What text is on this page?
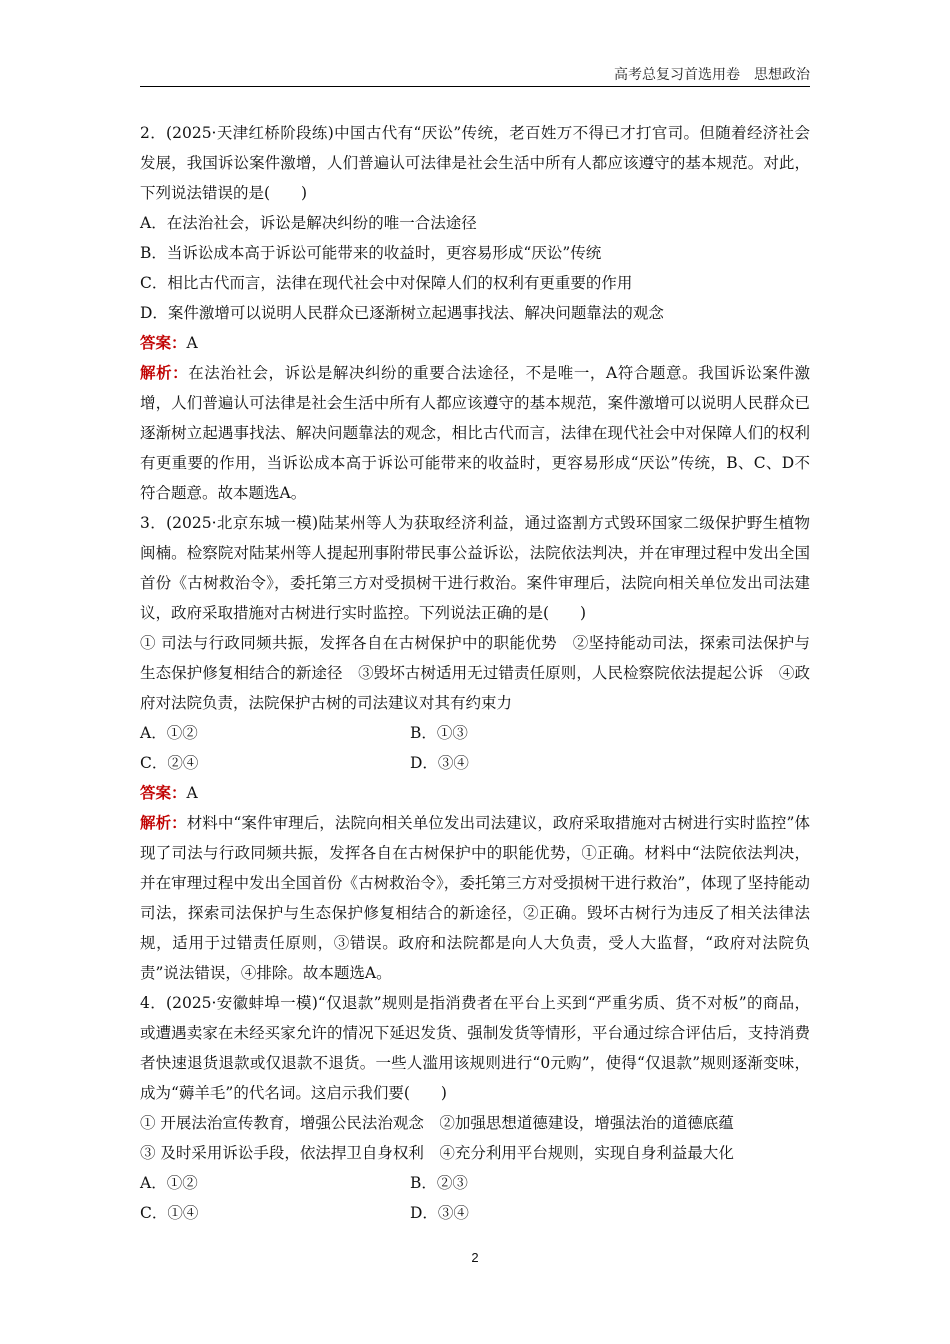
高考总复习首选用卷　思想政治

2．(2025·天津红桥阶段练)中国古代有“厌讼”传统，老百姓万不得已才打官司。但随着经济社会发展，我国诉讼案件激增，人们普遍认可法律是社会生活中所有人都应该遵守的基本规范。对此，下列说法错误的是(　　)

A．在法治社会，诉讼是解决纠纷的唯一合法途径

B．当诉讼成本高于诉讼可能带来的收益时，更容易形成“厌讼”传统

C．相比古代而言，法律在现代社会中对保障人们的权利有更重要的作用

D．案件激增可以说明人民群众已逐渐树立起遇事找法、解决问题靠法的观念

答案：A

解析：在法治社会，诉讼是解决纠纷的重要合法途径，不是唯一，A符合题意。我国诉讼案件激增，人们普遍认可法律是社会生活中所有人都应该遵守的基本规范，案件激增可以说明人民群众已逐渐树立起遇事找法、解决问题靠法的观念，相比古代而言，法律在现代社会中对保障人们的权利有更重要的作用，当诉讼成本高于诉讼可能带来的收益时，更容易形成“厌讼”传统，B、C、D不符合题意。故本题选A。

3．(2025·北京东城一模)陆某州等人为获取经济利益，通过盗割方式毁环国家二级保护野生植物闽楠。检察院对陆某州等人提起刑事附带民事公益诉讼，法院依法判决，并在审理过程中发出全国首份《古树救治令》，委托第三方对受损树干进行救治。案件审理后，法院向相关单位发出司法建议，政府采取措施对古树进行实时监控。下列说法正确的是(　　)

① 司法与行政同频共振，发挥各自在古树保护中的职能优势　②坚持能动司法，探索司法保护与生态保护修复相结合的新途径　③毁坏古树适用无过错责任原则，人民检察院依法提起公诉　④政府对法院负责，法院保护古树的司法建议对其有约束力

A．①②	B．①③
C．②④	D．③④

答案：A

解析：材料中“案件审理后，法院向相关单位发出司法建议，政府采取措施对古树进行实时监控”体现了司法与行政同频共振，发挥各自在古树保护中的职能优势，①正确。材料中“法院依法判决，并在审理过程中发出全国首份《古树救治令》，委托第三方对受损树干进行救治”，体现了坚持能动司法，探索司法保护与生态保护修复相结合的新途径，②正确。毁坏古树行为违反了相关法律法规，适用于过错责任原则，③错误。政府和法院都是向人大负责，受人大监督，“政府对法院负责”说法错误，④排除。故本题选A。

4．(2025·安徽蚌埠一模)“仅退款”规则是指消费者在平台上买到“严重劣质、货不对板”的商品，或遭遇卖家在未经买家允许的情况下延迟发货、强制发货等情形，平台通过综合评估后，支持消费者快速退货退款或仅退款不退货。一些人滥用该规则进行“0元购”，使得“仅退款”规则逐渐变味，成为“薅羊毛”的代名词。这启示我们要(　　)

① 开展法治宣传教育，增强公民法治观念　②加强思想道德建设，增强法治的道德底蕴

③ 及时采用诉讼手段，依法捍卫自身权利　④充分利用平台规则，实现自身利益最大化

A．①②	B．②③
C．①④	D．③④
2
